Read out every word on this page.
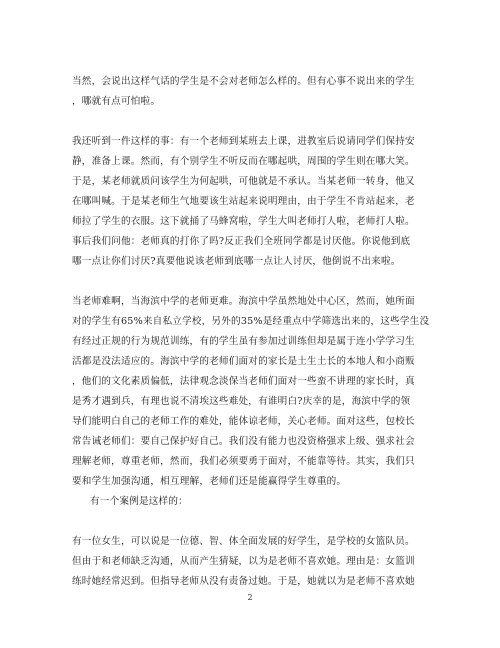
当然，会说出这样气话的学生是不会对老师怎么样的。但有心事不说出来的学生
，哪就有点可怕啦。

我还听到一件这样的事：有一个老师到某班去上课，进教室后说请同学们保持安
静，准备上课。然而，有个别学生不听反而在哪起哄，周围的学生则在哪大笑。
于是，某老师就质问该学生为何起哄，可他就是不承认。当某老师一转身，他又
在哪叫喊。于是某老师生气地要该生站起来说明理由，由于学生不肯站起来，老
师拉了学生的衣服。这下就捅了马蜂窝啦，学生大叫老师打人啦，老师打人啦。
事后我们问他：老师真的打你了吗?反正我们全班同学都是讨厌他。你说他到底
哪一点让你们讨厌?真要他说该老师到底哪一点让人讨厌，他倒说不出来啦。

当老师难啊，当海滨中学的老师更难。海滨中学虽然地处中心区，然而，她所面
对的学生有65%来自私立学校，另外的35%是经重点中学筛选出来的，这些学生没
有经过正规的行为规范训练，有的学生虽有参加过训练但却是属于连小学学习生
活都是没法适应的。海滨中学的老师们面对的家长是土生土长的本地人和小商贩
，他们的文化素质偏低，法律观念淡保当老师们面对一些蛮不讲理的家长时，真
是秀才遇到兵，有理也说不清埃这些难处，有谁明白?庆幸的是，海滨中学的领
导们能明白自己的老师工作的难处，能体谅老师，关心老师。面对这些，包校长
常告诫老师们：要自己保护好自己。我们没有能力也没资格强求上级、强求社会
理解老师，尊重老师，然而，我们必须要勇于面对，不能靠等待。其实，我们只
要和学生加强沟通，相互理解，老师们还是能赢得学生尊重的。

有一个案例是这样的：

有一位女生，可以说是一位德、智、体全面发展的好学生，是学校的女篮队员。
但由于和老师缺乏沟通，从而产生猜疑，以为是老师不喜欢她。理由是：女篮训
练时她经常迟到。但指导老师从没有责备过她。于是，她就以为是老师不喜欢她

2
